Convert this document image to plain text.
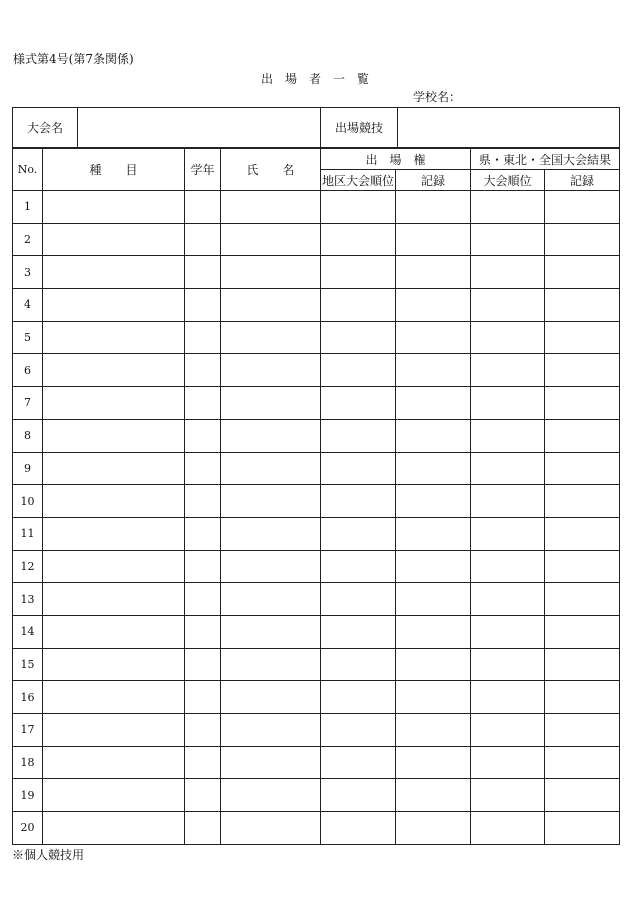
様式第4号(第7条関係)
出　場　者　一　覧
学校名：
大会名		出場競技	
No.	種　　目	学年	氏　　名	出　場　権		県・東北・全国大会結果	
				地区大会順位	記録	大会順位	記録
1							
2							
3							
4							
5							
6							
7							
8							
9							
10							
11							
12							
13							
14							
15							
16							
17							
18							
19							
20							
※個人競技用
